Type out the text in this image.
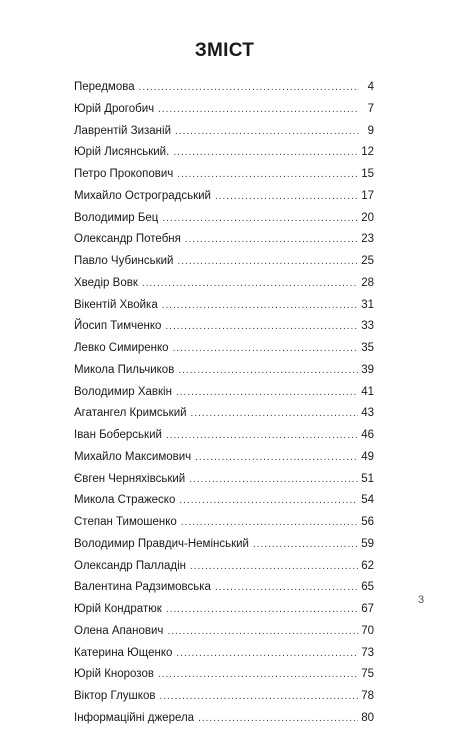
ЗМІСТ
Передмова .....	4
Юрій Дрогобич .....	7
Лаврентій Зизаній .....	9
Юрій Лисянський. .....	12
Петро Прокопович .....	15
Михайло Остроградський .....	17
Володимир Бец .....	20
Олександр Потебня .....	23
Павло Чубинський .....	25
Хведір Вовк .....	28
Вікентій Хвойка .....	31
Йосип Тимченко .....	33
Левко Симиренко .....	35
Микола Пильчиков .....	39
Володимир Хавкін .....	41
Агатангел Кримський .....	43
Іван Боберський .....	46
Михайло Максимович .....	49
Євген Черняхівський .....	51
Микола Стражеско .....	54
Степан Тимошенко .....	56
Володимир Правдич-Немінський .....	59
Олександр Палладін .....	62
Валентина Радзимовська .....	65
Юрій Кондратюк .....	67
Олена Апанович .....	70
Катерина Ющенко .....	73
Юрій Кнорозов .....	75
Віктор Глушков .....	78
Інформаційні джерела .....	80
3
